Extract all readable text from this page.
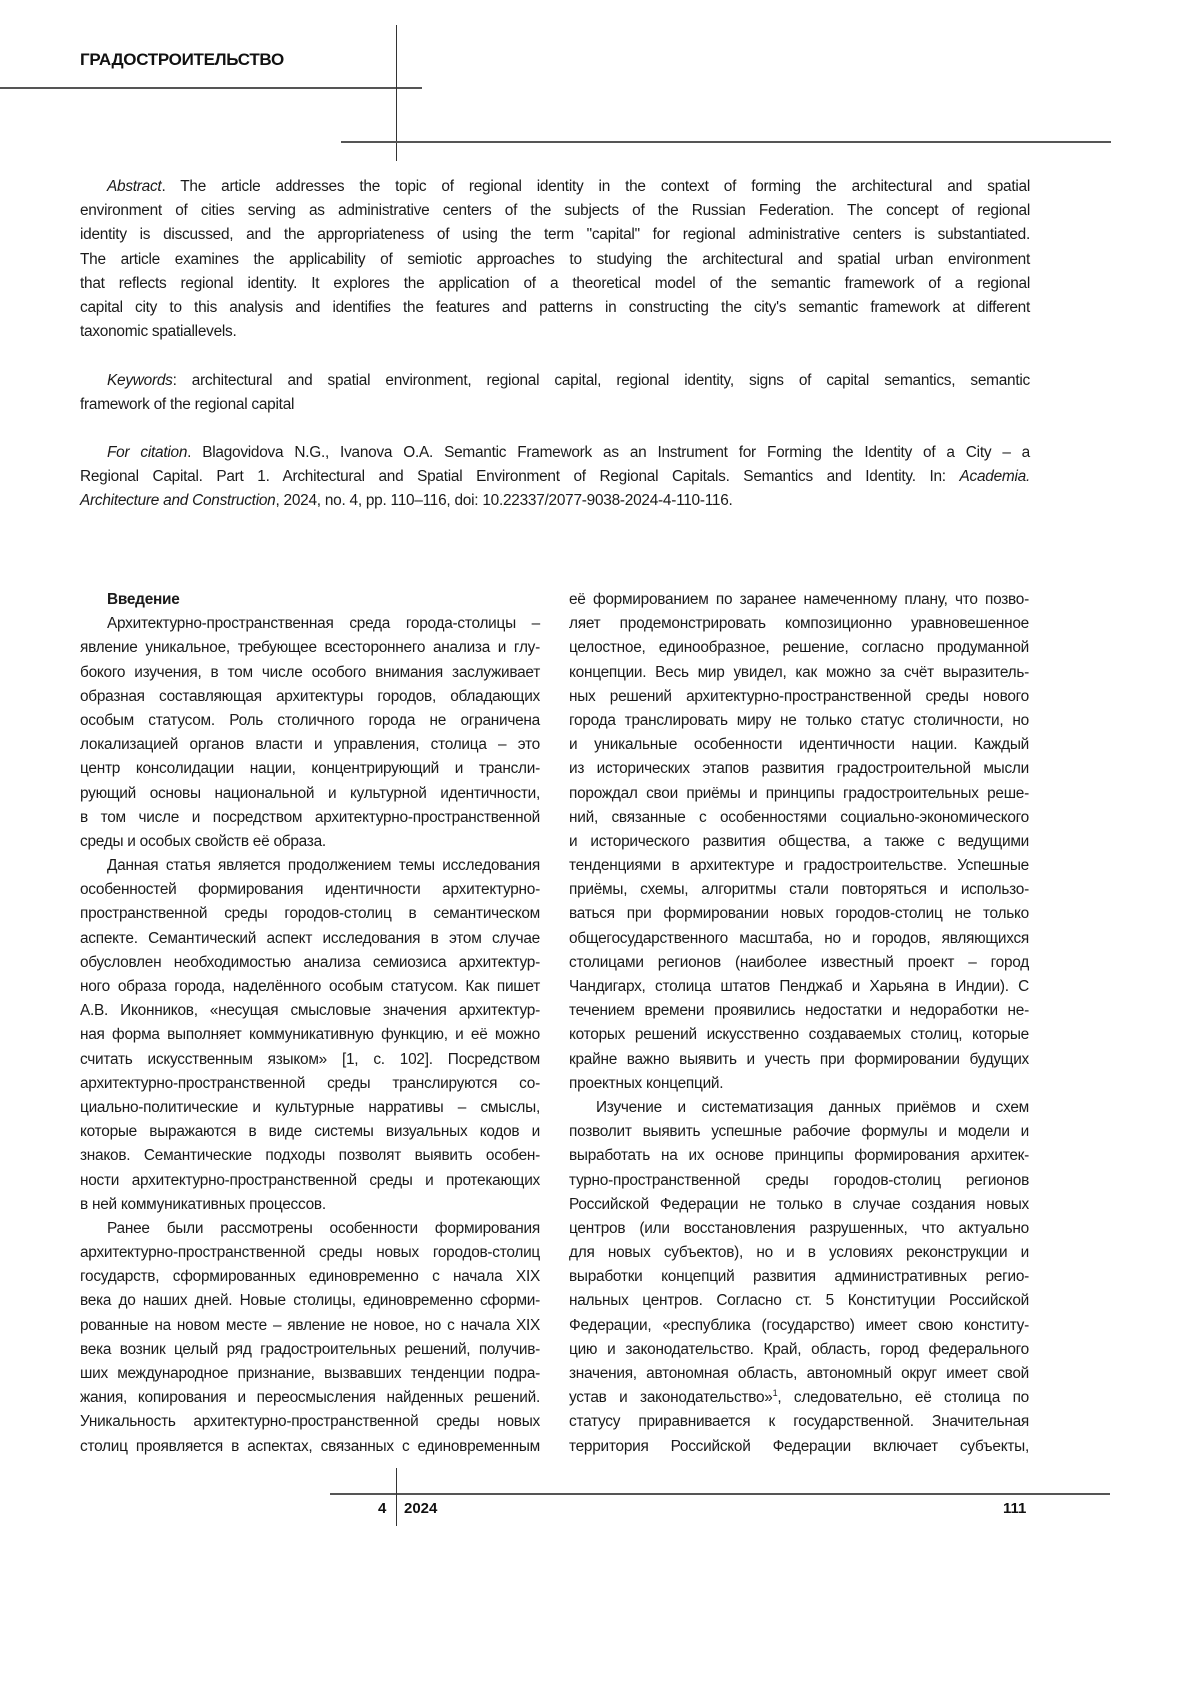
ГРАДОСТРОИТЕЛЬСТВО
Abstract. The article addresses the topic of regional identity in the context of forming the architectural and spatial
environment of cities serving as administrative centers of the subjects of the Russian Federation. The concept of regional
identity is discussed, and the appropriateness of using the term "capital" for regional administrative centers is substantiated.
The article examines the applicability of semiotic approaches to studying the architectural and spatial urban environment
that reflects regional identity. It explores the application of a theoretical model of the semantic framework of a regional
capital city to this analysis and identifies the features and patterns in constructing the city's semantic framework at different
taxonomic spatiallevels.
Keywords: architectural and spatial environment, regional capital, regional identity, signs of capital semantics, semantic
framework of the regional capital
For citation. Blagovidova N.G., Ivanova O.A. Semantic Framework as an Instrument for Forming the Identity of a City – a
Regional Capital. Part 1. Architectural and Spatial Environment of Regional Capitals. Semantics and Identity. In: Academia.
Architecture and Construction, 2024, no. 4, pp. 110–116, doi: 10.22337/2077-9038-2024-4-110-116.
Введение
Архитектурно-пространственная среда города-столицы –
явление уникальное, требующее всестороннего анализа и глу-
бокого изучения, в том числе особого внимания заслуживает
образная составляющая архитектуры городов, обладающих
особым статусом. Роль столичного города не ограничена
локализацией органов власти и управления, столица – это
центр консолидации нации, концентрирующий и трансли-
рующий основы национальной и культурной идентичности,
в том числе и посредством архитектурно-пространственной
среды и особых свойств её образа.
Данная статья является продолжением темы исследования
особенностей формирования идентичности архитектурно-
пространственной среды городов-столиц в семантическом
аспекте. Семантический аспект исследования в этом случае
обусловлен необходимостью анализа семиозиса архитектур-
ного образа города, наделённого особым статусом. Как пишет
А.В. Иконников, «несущая смысловые значения архитектур-
ная форма выполняет коммуникативную функцию, и её можно
считать искусственным языком» [1, с. 102]. Посредством
архитектурно-пространственной среды транслируются со-
циально-политические и культурные нарративы – смыслы,
которые выражаются в виде системы визуальных кодов и
знаков. Семантические подходы позволят выявить особен-
ности архитектурно-пространственной среды и протекающих
в ней коммуникативных процессов.
Ранее были рассмотрены особенности формирования
архитектурно-пространственной среды новых городов-столиц
государств, сформированных единовременно с начала XIX
века до наших дней. Новые столицы, единовременно сформи-
рованные на новом месте – явление не новое, но с начала XIX
века возник целый ряд градостроительных решений, получив-
ших международное признание, вызвавших тенденции подра-
жания, копирования и переосмысления найденных решений.
Уникальность архитектурно-пространственной среды новых
столиц проявляется в аспектах, связанных с единовременным
её формированием по заранее намеченному плану, что позво-
ляет продемонстрировать композиционно уравновешенное
целостное, единообразное, решение, согласно продуманной
концепции. Весь мир увидел, как можно за счёт выразитель-
ных решений архитектурно-пространственной среды нового
города транслировать миру не только статус столичности, но
и уникальные особенности идентичности нации. Каждый
из исторических этапов развития градостроительной мысли
порождал свои приёмы и принципы градостроительных реше-
ний, связанные с особенностями социально-экономического
и исторического развития общества, а также с ведущими
тенденциями в архитектуре и градостроительстве. Успешные
приёмы, схемы, алгоритмы стали повторяться и использо-
ваться при формировании новых городов-столиц не только
общегосударственного масштаба, но и городов, являющихся
столицами регионов (наиболее известный проект – город
Чандигарх, столица штатов Пенджаб и Харьяна в Индии). С
течением времени проявились недостатки и недоработки не-
которых решений искусственно создаваемых столиц, которые
крайне важно выявить и учесть при формировании будущих
проектных концепций.
Изучение и систематизация данных приёмов и схем
позволит выявить успешные рабочие формулы и модели и
выработать на их основе принципы формирования архитек-
турно-пространственной среды городов-столиц регионов
Российской Федерации не только в случае создания новых
центров (или восстановления разрушенных, что актуально
для новых субъектов), но и в условиях реконструкции и
выработки концепций развития административных регио-
нальных центров. Согласно ст. 5 Конституции Российской
Федерации, «республика (государство) имеет свою конститу-
цию и законодательство. Край, область, город федерального
значения, автономная область, автономный округ имеет свой
устав и законодательство»1, следовательно, её столица по
статусу приравнивается к государственной. Значительная
территория Российской Федерации включает субъекты,
4 2024	111
